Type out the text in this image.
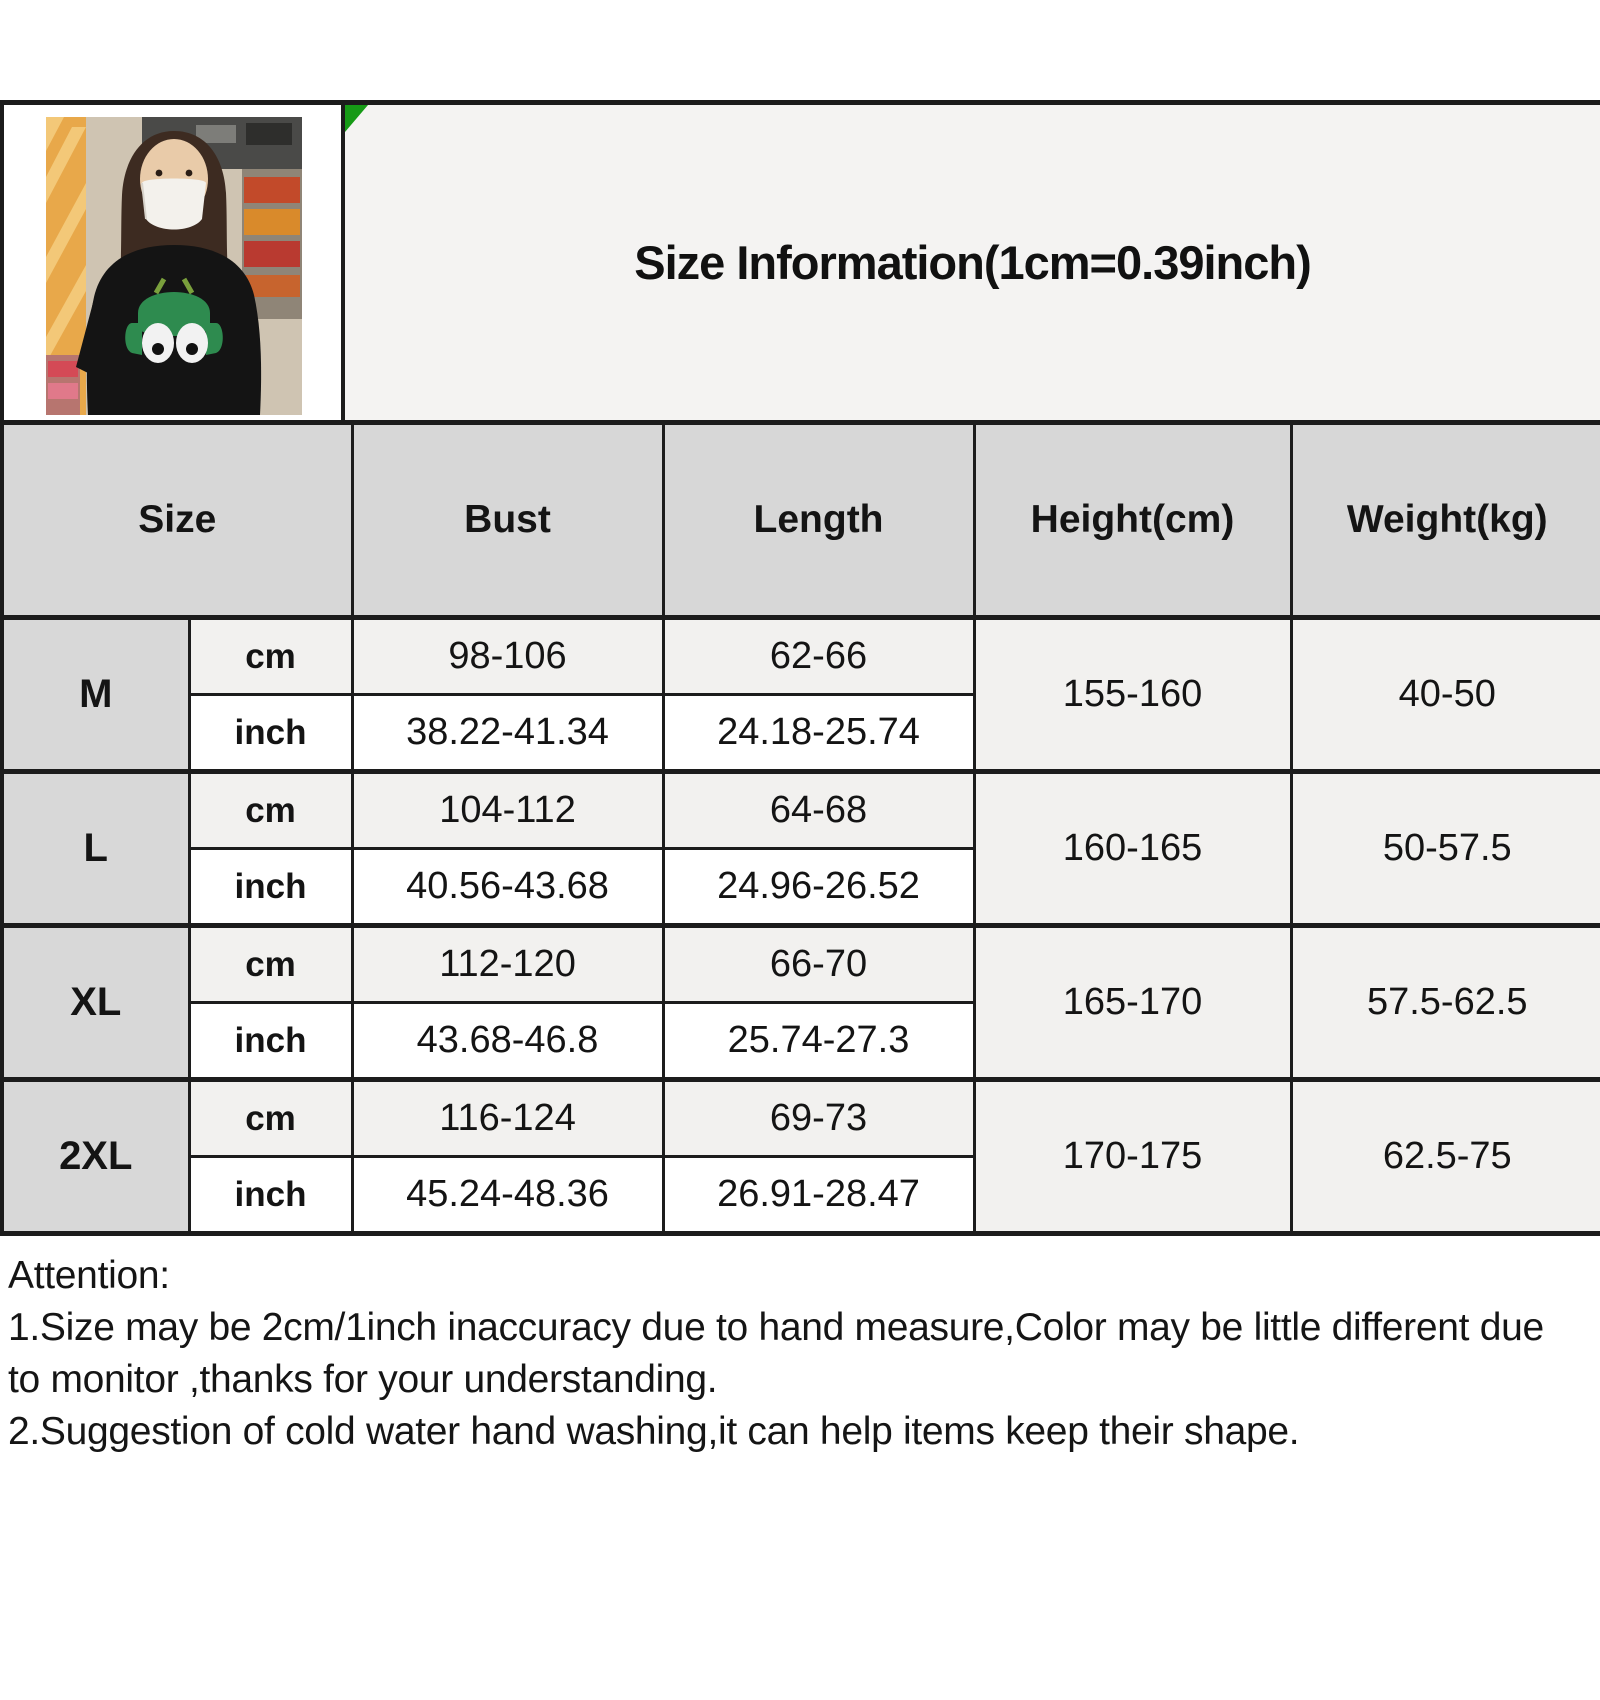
Size Information(1cm=0.39inch)
Size		Bust	Length	Height(cm)	Weight(kg)
M	cm	98-106	62-66	155-160	40-50
	inch	38.22-41.34	24.18-25.74		
L	cm	104-112	64-68	160-165	50-57.5
	inch	40.56-43.68	24.96-26.52		
XL	cm	112-120	66-70	165-170	57.5-62.5
	inch	43.68-46.8	25.74-27.3		
2XL	cm	116-124	69-73	170-175	62.5-75
	inch	45.24-48.36	26.91-28.47		

Attention:

1.Size may be 2cm/1inch inaccuracy due to hand measure,Color may be little different due to monitor ,thanks for your understanding.

2.Suggestion of cold water hand washing,it can help items keep their shape.
